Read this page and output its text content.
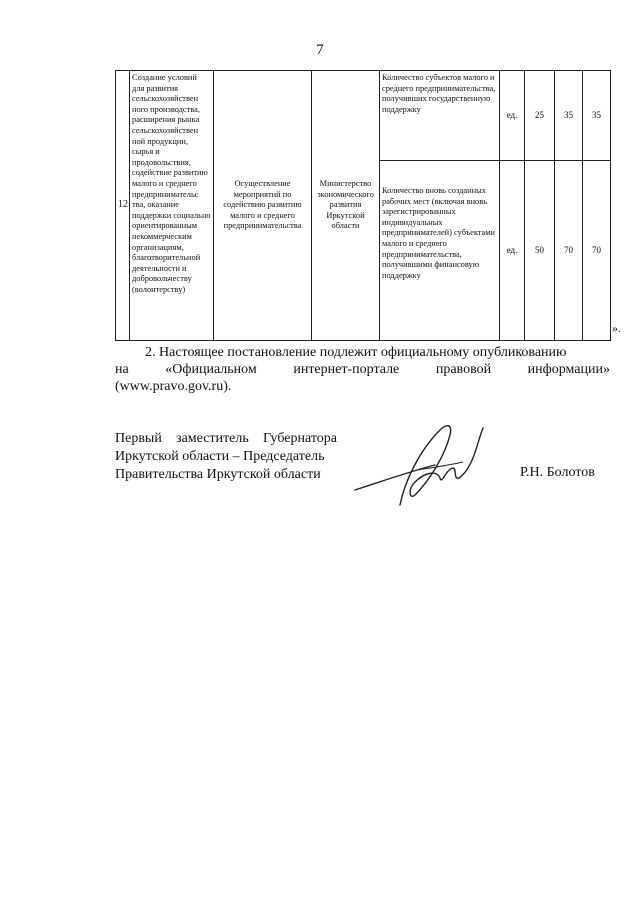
7
12	Создание условий для развития сельскохозяйствен ного производства, расширения рынка сельскохозяйствен ной продукции, сырья и продовольствия, содействие развитию малого и среднего предпринимательс тва, оказание поддержки социально ориентированным некоммерческим организациям, благотворительной деятельности и добровольчеству (волонтерству)	Осуществление мероприятий по содействию развитию малого и среднего предпринимательства	Министерство экономического развития Иркутской области	Количество субъектов малого и среднего предпринимательства, получивших государственную поддержку	ед.	25	35	35
				Количество вновь созданных рабочих мест (включая вновь зарегистрированных индивидуальных предпринимателей) субъектами малого и среднего предпринимательства, получившими финансовую поддержку	ед.	50	70	70
».
2. Настоящее постановление подлежит официальному опубликованию
на	«Официальном	интернет-портале	правовой	информации»
(www.pravo.gov.ru).
Первый заместитель Губернатора
Иркутской области – Председатель
Правительства Иркутской области	Р.Н. Болотов
